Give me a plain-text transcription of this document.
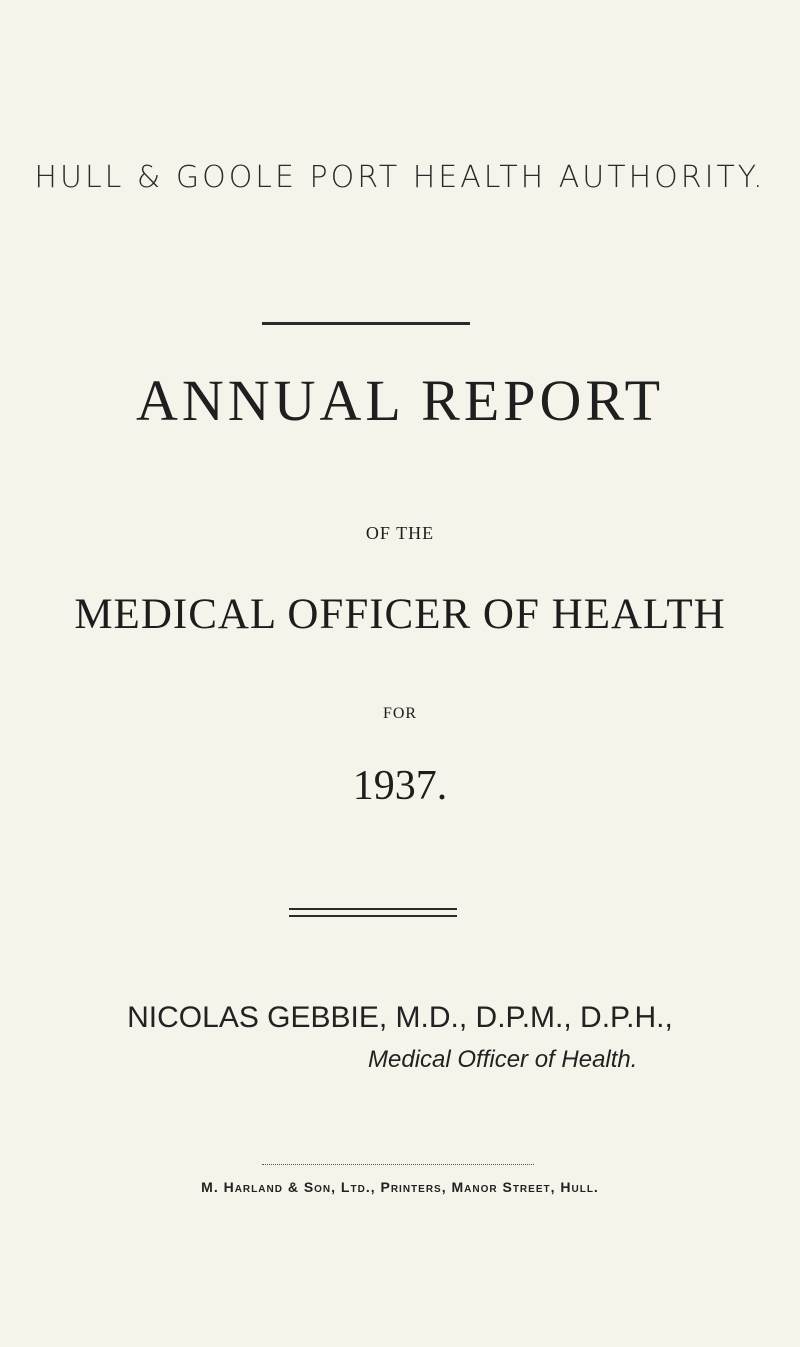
HULL & GOOLE PORT HEALTH AUTHORITY.
ANNUAL REPORT
OF THE
MEDICAL OFFICER OF HEALTH
FOR
1937.
NICOLAS GEBBIE, M.D., D.P.M., D.P.H.,
Medical Officer of Health.
M. Harland & Son, Ltd., Printers, Manor Street, Hull.
